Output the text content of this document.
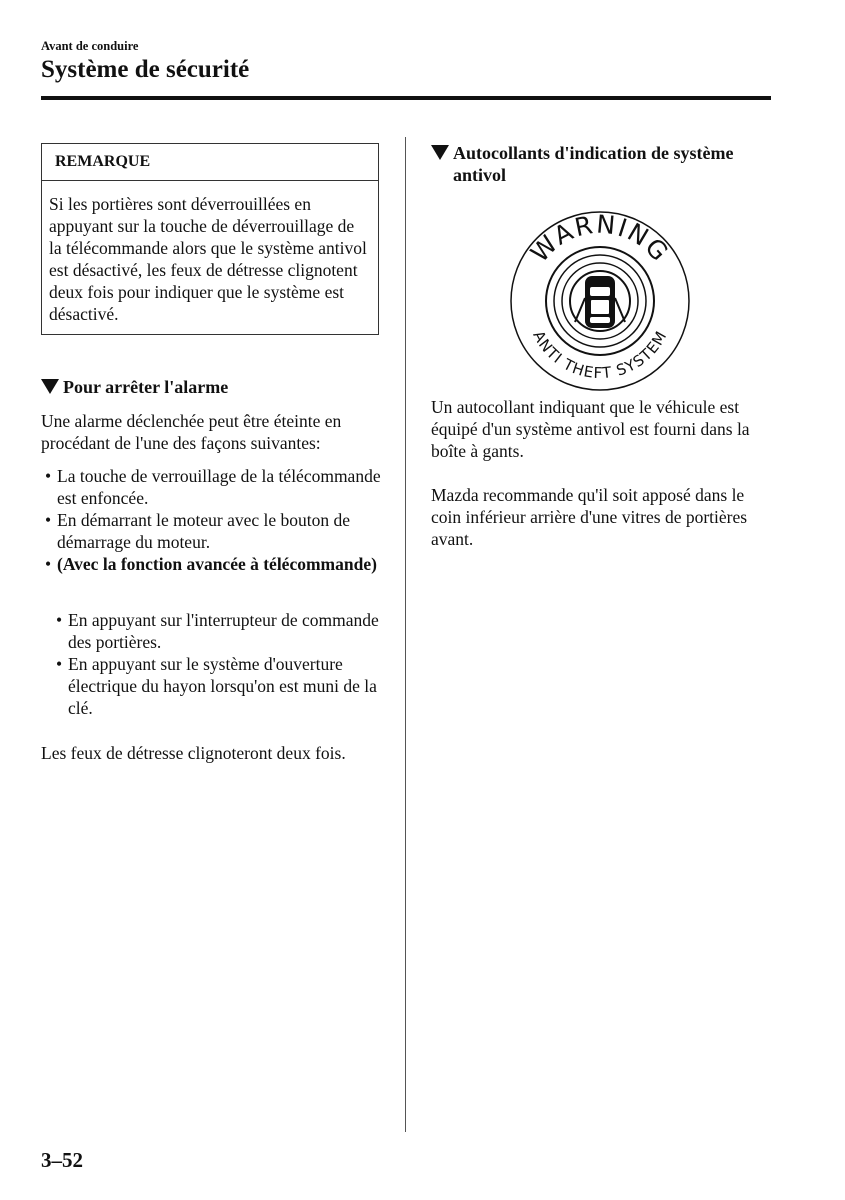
Avant de conduire
Système de sécurité
REMARQUE
Si les portières sont déverrouillées en appuyant sur la touche de déverrouillage de la télécommande alors que le système antivol est désactivé, les feux de détresse clignotent deux fois pour indiquer que le système est désactivé.
Pour arrêter l'alarme
Une alarme déclenchée peut être éteinte en procédant de l'une des façons suivantes:
• La touche de verrouillage de la télécommande est enfoncée.
• En démarrant le moteur avec le bouton de démarrage du moteur.
• (Avec la fonction avancée à télécommande)
• En appuyant sur l'interrupteur de commande des portières.
• En appuyant sur le système d'ouverture électrique du hayon lorsqu'on est muni de la clé.
Les feux de détresse clignoteront deux fois.
Autocollants d'indication de système antivol
WARNING
ANTI THEFT SYSTEM
Un autocollant indiquant que le véhicule est équipé d'un système antivol est fourni dans la boîte à gants.
Mazda recommande qu'il soit apposé dans le coin inférieur arrière d'une vitres de portières avant.
3–52
